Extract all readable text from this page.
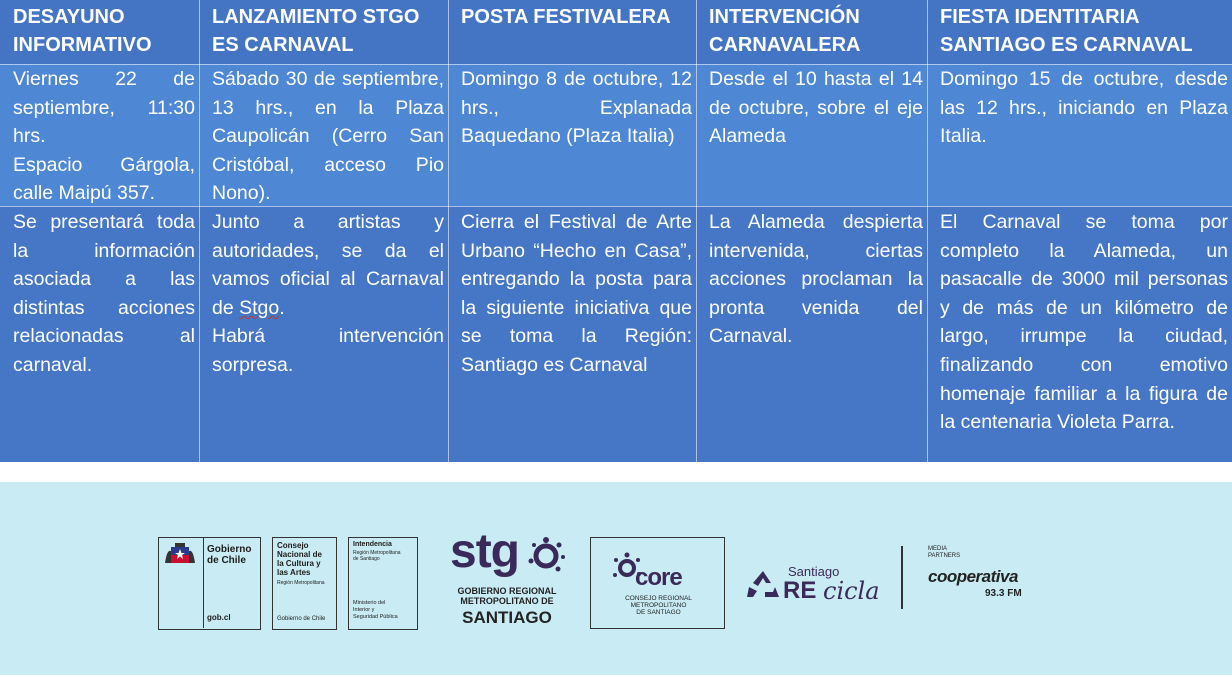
DESAYUNO
INFORMATIVO
LANZAMIENTO STGO
ES CARNAVAL
POSTA FESTIVALERA	INTERVENCIÓN
CARNAVALERA
FIESTA IDENTITARIA
SANTIAGO ES CARNAVAL
Viernes 22 de septiembre, 11:30 hrs.
Espacio Gárgola, calle Maipú 357.
Sábado 30 de septiembre, 13 hrs., en la Plaza Caupolicán (Cerro San Cristóbal, acceso Pio Nono).
Domingo 8 de octubre, 12 hrs., Explanada Baquedano (Plaza Italia)
Desde el 10 hasta el 14 de octubre, sobre el eje Alameda
Domingo 15 de octubre, desde las 12 hrs., iniciando en Plaza Italia.
Se presentará toda la información asociada a las distintas acciones relacionadas al carnaval.
Junto a artistas y autoridades, se da el vamos oficial al Carnaval de Stgo.
Habrá intervención sorpresa.
Cierra el Festival de Arte Urbano “Hecho en Casa”, entregando la posta para la siguiente iniciativa que se toma la Región: Santiago es Carnaval
La Alameda despierta intervenida, ciertas acciones proclaman la pronta venida del Carnaval.
El Carnaval se toma por completo la Alameda, un pasacalle de 3000 mil personas y de más de un kilómetro de largo, irrumpe la ciudad, finalizando con emotivo homenaje familiar a la figura de la centenaria Violeta Parra.
Gobierno
de Chile
gob.cl
Consejo
Nacional de
la Cultura y
las Artes
Región Metropolitana
Gobierno de Chile
Intendencia
Región Metropolitana
de Santiago
Ministerio del
Interior y
Seguridad Pública
stg
GOBIERNO REGIONAL
METROPOLITANO DE
SANTIAGO
core
CONSEJO REGIONAL
METROPOLITANO
DE SANTIAGO
Santiago
RE cicla
MEDIA
PARTNERS
cooperativa
93.3 FM
